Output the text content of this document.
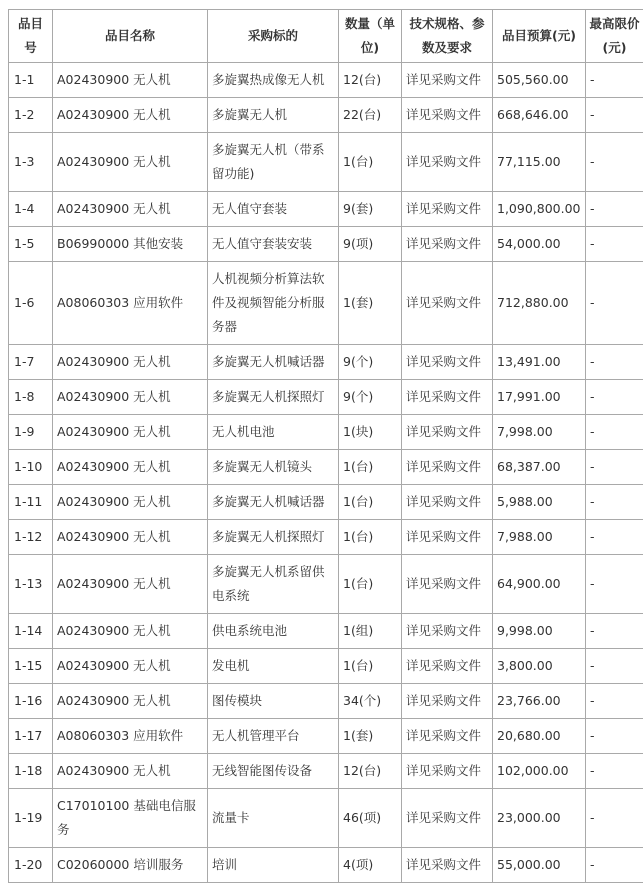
品目号	品目名称	采购标的	数量（单位)	技术规格、参数及要求	品目预算(元)	最高限价(元)
1-1	A02430900 无人机	多旋翼热成像无人机	12(台)	详见采购文件	505,560.00	-
1-2	A02430900 无人机	多旋翼无人机	22(台)	详见采购文件	668,646.00	-
1-3	A02430900 无人机	多旋翼无人机（带系留功能)	1(台)	详见采购文件	77,115.00	-
1-4	A02430900 无人机	无人值守套装	9(套)	详见采购文件	1,090,800.00	-
1-5	B06990000 其他安装	无人值守套装安装	9(项)	详见采购文件	54,000.00	-
1-6	A08060303 应用软件	人机视频分析算法软件及视频智能分析服务器	1(套)	详见采购文件	712,880.00	-
1-7	A02430900 无人机	多旋翼无人机喊话器	9(个)	详见采购文件	13,491.00	-
1-8	A02430900 无人机	多旋翼无人机探照灯	9(个)	详见采购文件	17,991.00	-
1-9	A02430900 无人机	无人机电池	1(块)	详见采购文件	7,998.00	-
1-10	A02430900 无人机	多旋翼无人机镜头	1(台)	详见采购文件	68,387.00	-
1-11	A02430900 无人机	多旋翼无人机喊话器	1(台)	详见采购文件	5,988.00	-
1-12	A02430900 无人机	多旋翼无人机探照灯	1(台)	详见采购文件	7,988.00	-
1-13	A02430900 无人机	多旋翼无人机系留供电系统	1(台)	详见采购文件	64,900.00	-
1-14	A02430900 无人机	供电系统电池	1(组)	详见采购文件	9,998.00	-
1-15	A02430900 无人机	发电机	1(台)	详见采购文件	3,800.00	-
1-16	A02430900 无人机	图传模块	34(个)	详见采购文件	23,766.00	-
1-17	A08060303 应用软件	无人机管理平台	1(套)	详见采购文件	20,680.00	-
1-18	A02430900 无人机	无线智能图传设备	12(台)	详见采购文件	102,000.00	-
1-19	C17010100 基础电信服务	流量卡	46(项)	详见采购文件	23,000.00	-
1-20	C02060000 培训服务	培训	4(项)	详见采购文件	55,000.00	-
